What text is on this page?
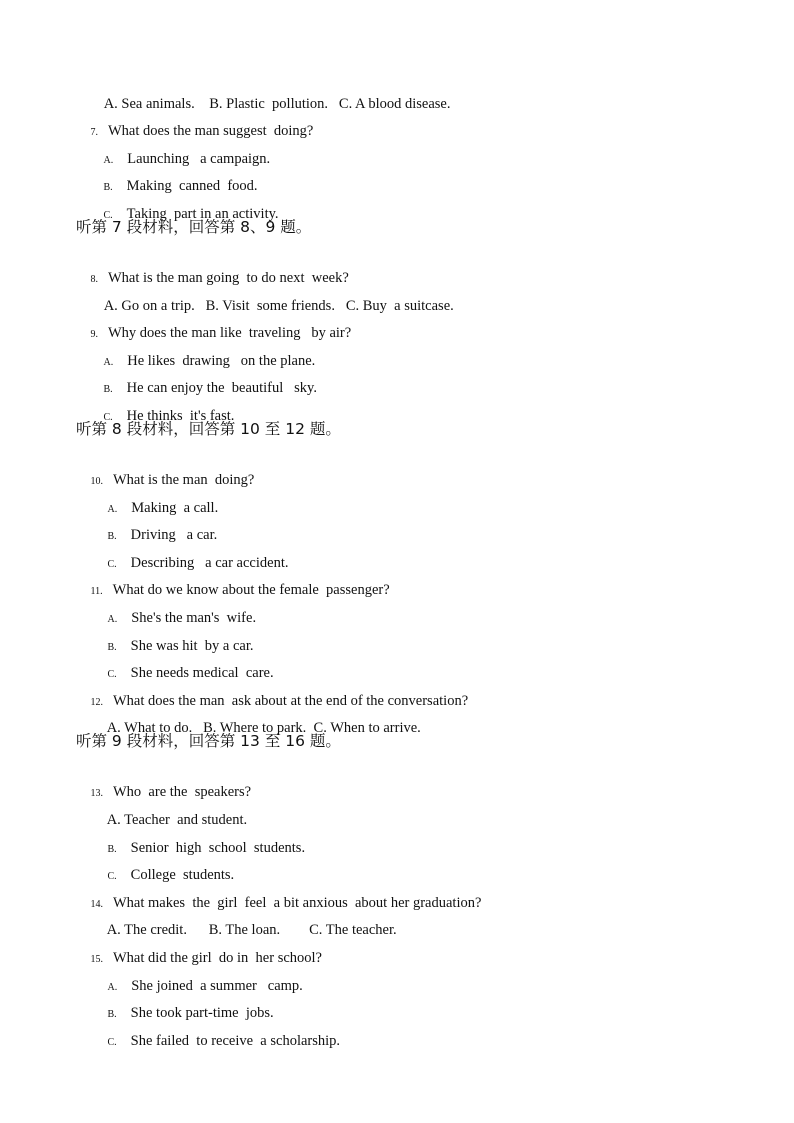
A. Sea animals.    B. Plastic  pollution.   C. A blood disease.

7. What does the man suggest  doing?

A. Launching   a campaign.

B. Making  canned  food.

C. Taking  part in an activity.

听第 7 段材料，回答第 8、9 题。

8. What is the man going  to do next  week?

A. Go on a trip.   B. Visit  some friends.   C. Buy  a suitcase.

9. Why does the man like  traveling   by air?

A. He likes  drawing   on the plane.

B. He can enjoy the  beautiful   sky.

C. He thinks  it's fast.

听第 8 段材料，回答第 10 至 12 题。

10. What is the man  doing?

A. Making  a call.

B. Driving   a car.

C. Describing   a car accident.

11. What do we know about the female  passenger?

A. She's the man's  wife.

B. She was hit  by a car.

C. She needs medical  care.

12. What does the man  ask about at the end of the conversation?

A. What to do.   B. Where to park.  C. When to arrive.

听第 9 段材料，回答第 13 至 16 题。

13. Who  are the  speakers?

A. Teacher  and student.

B. Senior  high  school  students.

C. College  students.

14. What makes  the  girl  feel  a bit anxious  about her graduation?

A. The credit.      B. The loan.        C. The teacher.

15. What did the girl  do in  her school?

A. She joined  a summer   camp.

B. She took part-time  jobs.

C. She failed  to receive  a scholarship.
